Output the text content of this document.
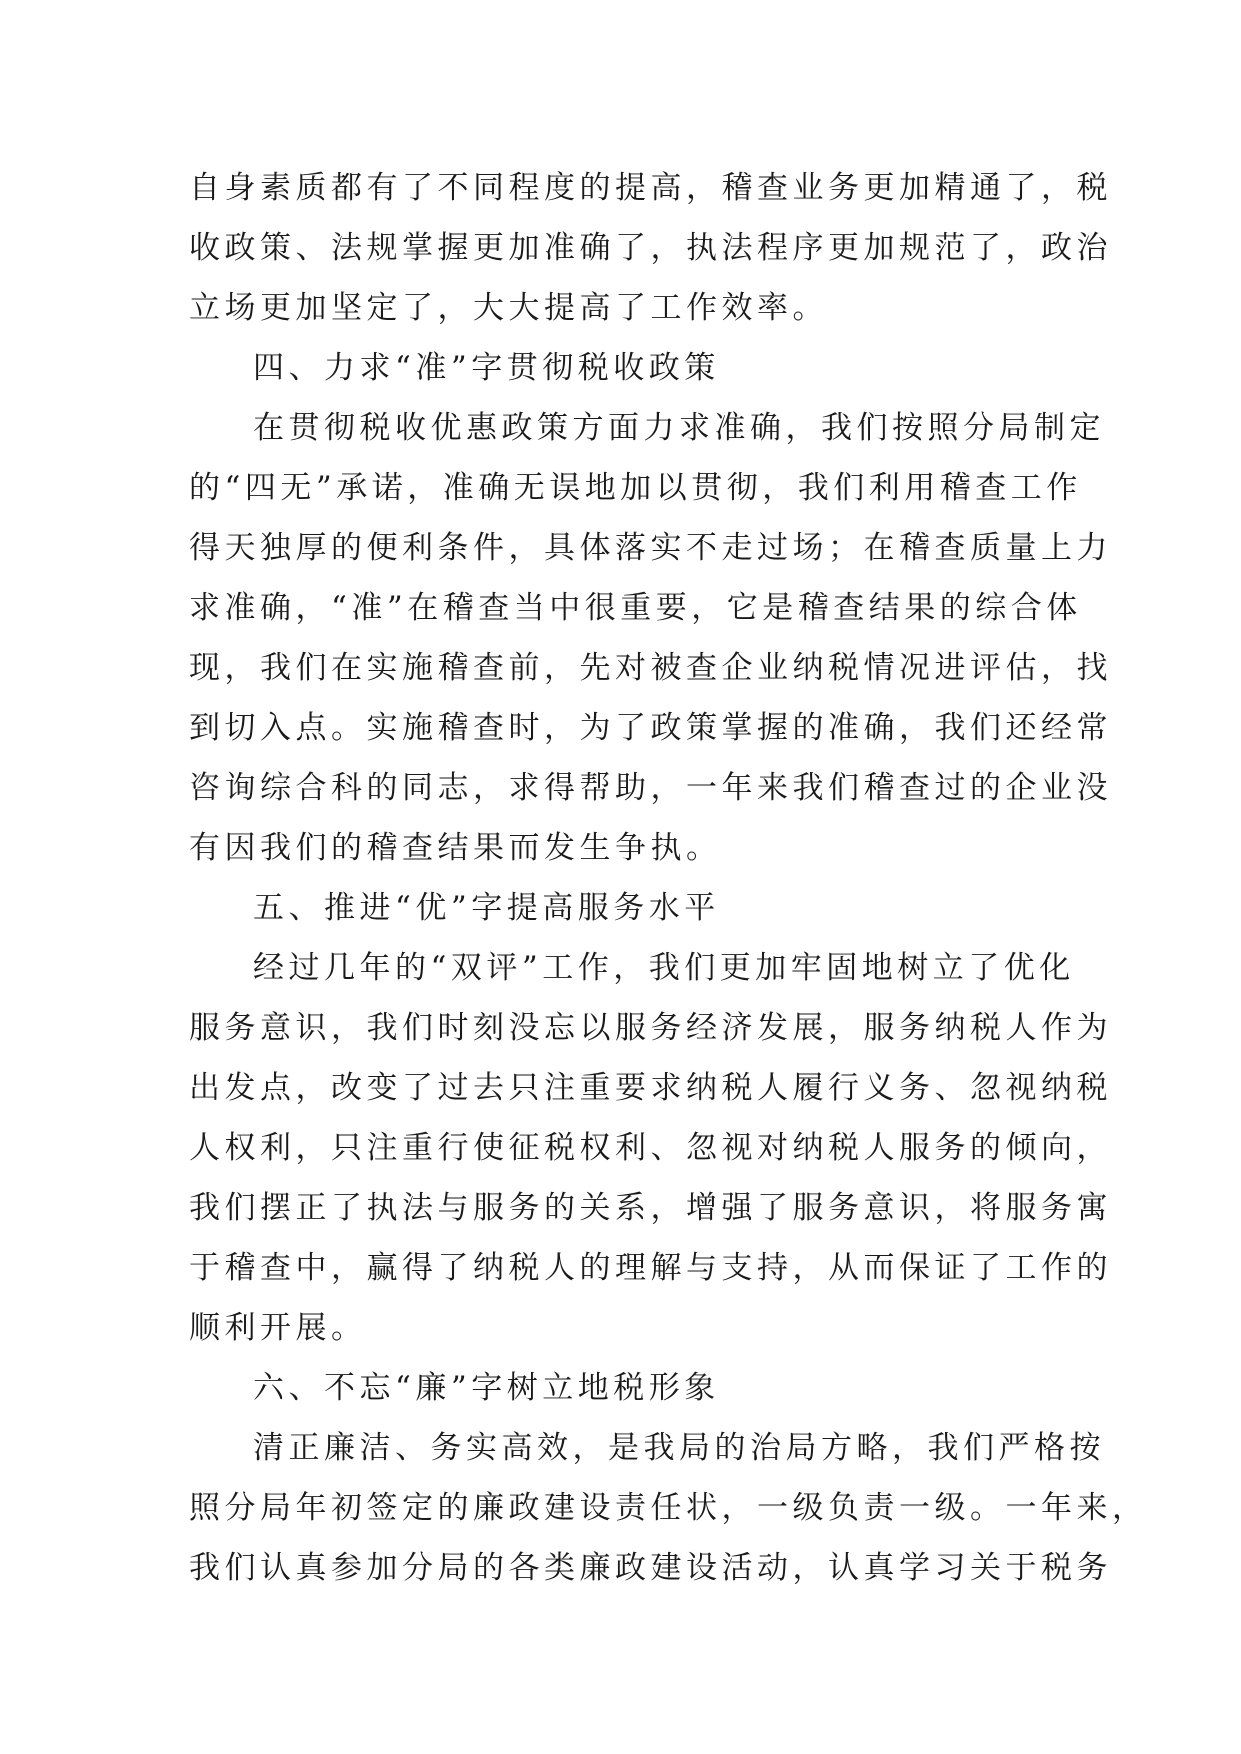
自身素质都有了不同程度的提高，稽查业务更加精通了，税
收政策、法规掌握更加准确了，执法程序更加规范了，政治
立场更加坚定了，大大提高了工作效率。
四、力求“准”字贯彻税收政策
在贯彻税收优惠政策方面力求准确，我们按照分局制定
的“四无”承诺，准确无误地加以贯彻，我们利用稽查工作
得天独厚的便利条件，具体落实不走过场；在稽查质量上力
求准确，“准”在稽查当中很重要，它是稽查结果的综合体
现，我们在实施稽查前，先对被查企业纳税情况进评估，找
到切入点。实施稽查时，为了政策掌握的准确，我们还经常
咨询综合科的同志，求得帮助，一年来我们稽查过的企业没
有因我们的稽查结果而发生争执。
五、推进“优”字提高服务水平
经过几年的“双评”工作，我们更加牢固地树立了优化
服务意识，我们时刻没忘以服务经济发展，服务纳税人作为
出发点，改变了过去只注重要求纳税人履行义务、忽视纳税
人权利，只注重行使征税权利、忽视对纳税人服务的倾向，
我们摆正了执法与服务的关系，增强了服务意识，将服务寓
于稽查中，赢得了纳税人的理解与支持，从而保证了工作的
顺利开展。
六、不忘“廉”字树立地税形象
清正廉洁、务实高效，是我局的治局方略，我们严格按
照分局年初签定的廉政建设责任状，一级负责一级。一年来，
我们认真参加分局的各类廉政建设活动，认真学习关于税务
